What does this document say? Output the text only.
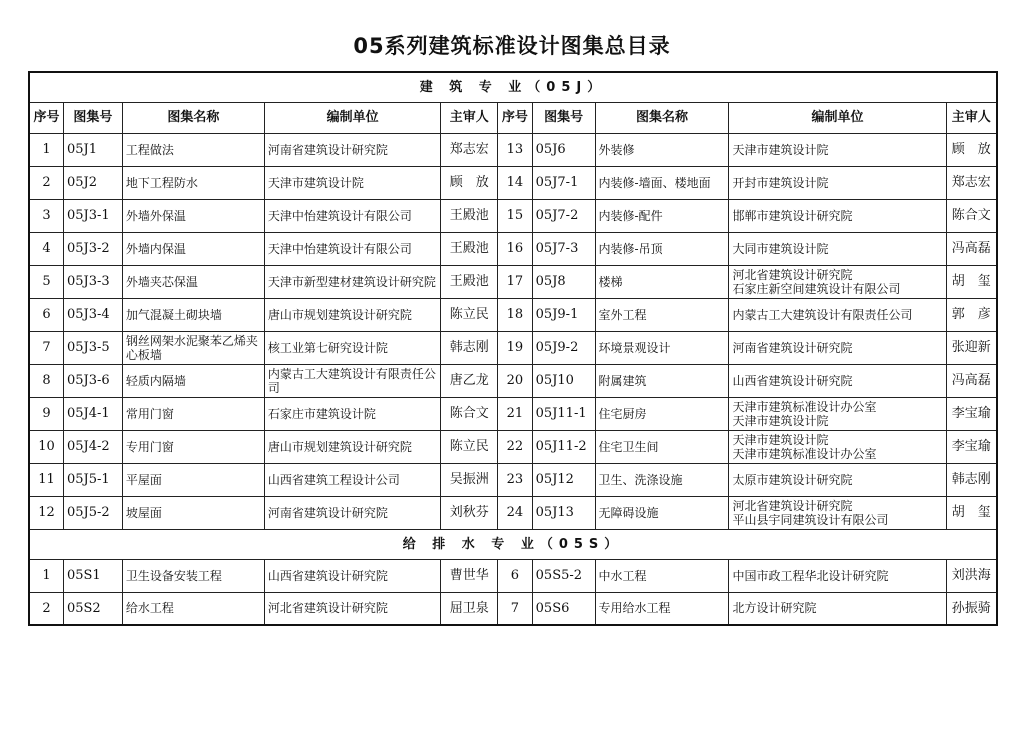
05系列建筑标准设计图集总目录
建 筑 专 业（05J）									
序号	图集号	图集名称	编制单位	主审人	序号	图集号	图集名称	编制单位	主审人
1	05J1	工程做法	河南省建筑设计研究院	郑志宏	13	05J6	外装修	天津市建筑设计院	顾　放
2	05J2	地下工程防水	天津市建筑设计院	顾　放	14	05J7-1	内装修-墙面、楼地面	开封市建筑设计院	郑志宏
3	05J3-1	外墙外保温	天津中怡建筑设计有限公司	王殿池	15	05J7-2	内装修-配件	邯郸市建筑设计研究院	陈合文
4	05J3-2	外墙内保温	天津中怡建筑设计有限公司	王殿池	16	05J7-3	内装修-吊顶	大同市建筑设计院	冯高磊
5	05J3-3	外墙夹芯保温	天津市新型建材建筑设计研究院	王殿池	17	05J8	楼梯	河北省建筑设计研究院
石家庄新空间建筑设计有限公司	胡　玺
6	05J3-4	加气混凝土砌块墙	唐山市规划建筑设计研究院	陈立民	18	05J9-1	室外工程	内蒙古工大建筑设计有限责任公司	郭　彦
7	05J3-5	钢丝网架水泥聚苯乙烯夹心板墙	核工业第七研究设计院	韩志刚	19	05J9-2	环境景观设计	河南省建筑设计研究院	张迎新
8	05J3-6	轻质内隔墙	内蒙古工大建筑设计有限责任公司	唐乙龙	20	05J10	附属建筑	山西省建筑设计研究院	冯高磊
9	05J4-1	常用门窗	石家庄市建筑设计院	陈合文	21	05J11-1	住宅厨房	天津市建筑标准设计办公室
天津市建筑设计院	李宝瑜
10	05J4-2	专用门窗	唐山市规划建筑设计研究院	陈立民	22	05J11-2	住宅卫生间	天津市建筑设计院
天津市建筑标准设计办公室	李宝瑜
11	05J5-1	平屋面	山西省建筑工程设计公司	吴振洲	23	05J12	卫生、洗涤设施	太原市建筑设计研究院	韩志刚
12	05J5-2	坡屋面	河南省建筑设计研究院	刘秋芬	24	05J13	无障碍设施	河北省建筑设计研究院
平山县宇同建筑设计有限公司	胡　玺
给 排 水 专 业（05S）									
1	05S1	卫生设备安装工程	山西省建筑设计研究院	曹世华	6	05S5-2	中水工程	中国市政工程华北设计研究院	刘洪海
2	05S2	给水工程	河北省建筑设计研究院	屈卫泉	7	05S6	专用给水工程	北方设计研究院	孙振骑
